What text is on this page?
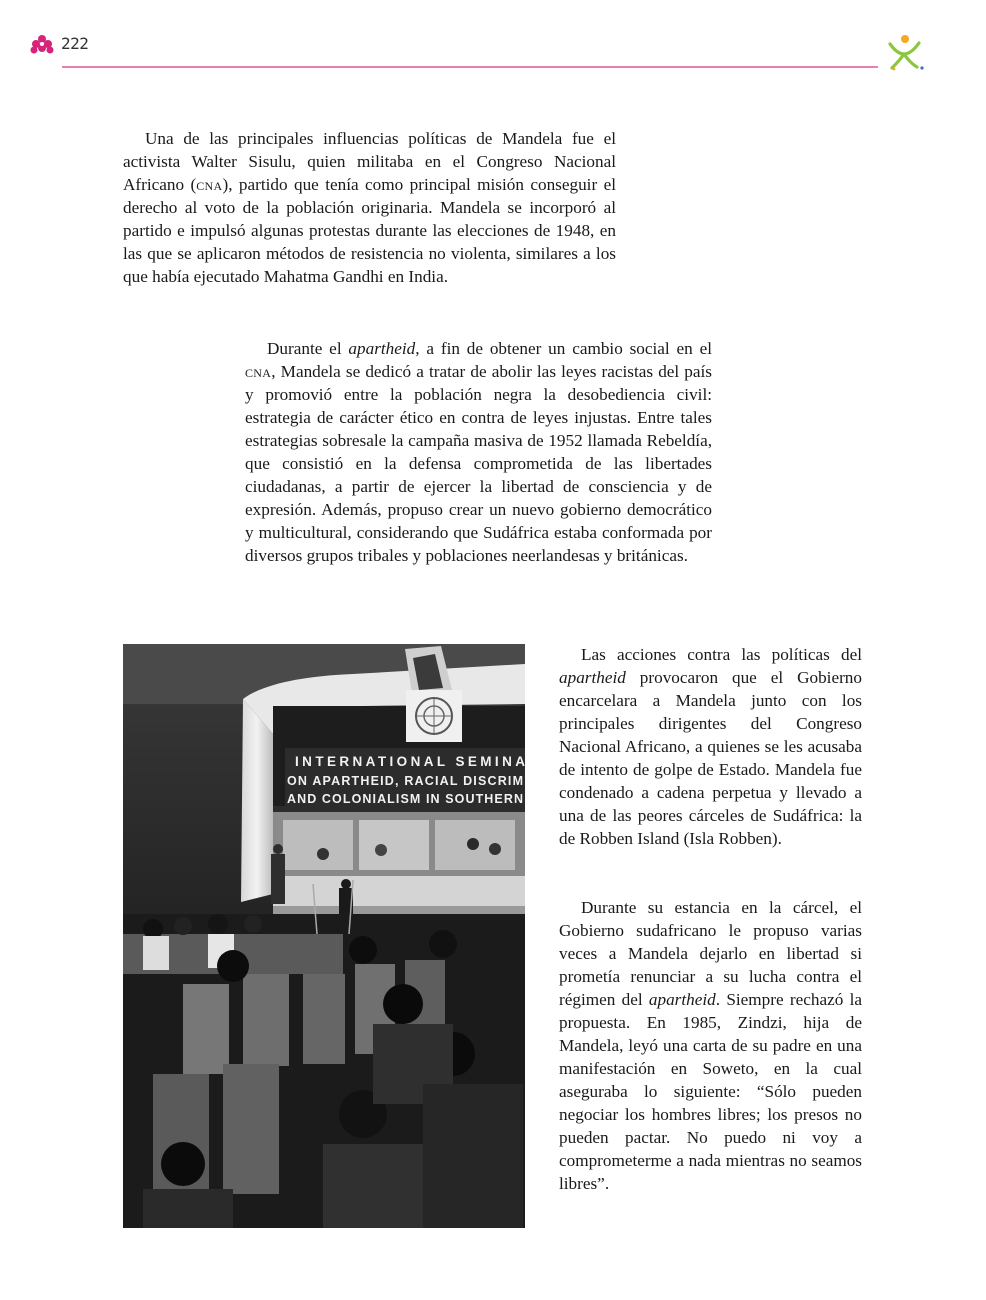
222

Una de las principales influencias políticas de Mandela fue el activista Walter Sisulu, quien militaba en el Congreso Nacional Africano (cna), partido que tenía como principal misión conseguir el derecho al voto de la población originaria. Mandela se incorporó al partido e impulsó algunas protestas durante las elecciones de 1948, en las que se aplicaron métodos de resistencia no violenta, similares a los que había ejecutado Mahatma Gandhi en India.

Durante el apartheid, a fin de obtener un cambio social en el cna, Mandela se dedicó a tratar de abolir las leyes racistas del país y promovió entre la población negra la desobediencia civil: estrategia de carácter ético en contra de leyes injustas. Entre tales estrategias sobresale la campaña masiva de 1952 llamada Rebeldía, que consistió en la defensa comprometida de las libertades ciudadanas, a partir de ejercer la libertad de consciencia y de expresión. Además, propuso crear un nuevo gobierno democrático y multicultural, considerando que Sudáfrica estaba conformada por diversos grupos tribales y poblaciones neerlandesas y británicas.

INTERNATIONAL SEMINA
ON APARTHEID, RACIAL DISCRIM
AND COLONIALISM IN SOUTHERN

Las acciones contra las políticas del apartheid provocaron que el Gobierno encarcelara a Mandela junto con los principales dirigentes del Congreso Nacional Africano, a quienes se les acusaba de intento de golpe de Estado. Mandela fue condenado a cadena perpetua y llevado a una de las peores cárceles de Sudáfrica: la de Robben Island (Isla Robben).

Durante su estancia en la cárcel, el Gobierno sudafricano le propuso varias veces a Mandela dejarlo en libertad si prometía renunciar a su lucha contra el régimen del apartheid. Siempre rechazó la propuesta. En 1985, Zindzi, hija de Mandela, leyó una carta de su padre en una manifestación en Soweto, en la cual aseguraba lo siguiente: “Sólo pueden negociar los hombres libres; los presos no pueden pactar. No puedo ni voy a comprometerme a nada mientras no seamos libres”.
